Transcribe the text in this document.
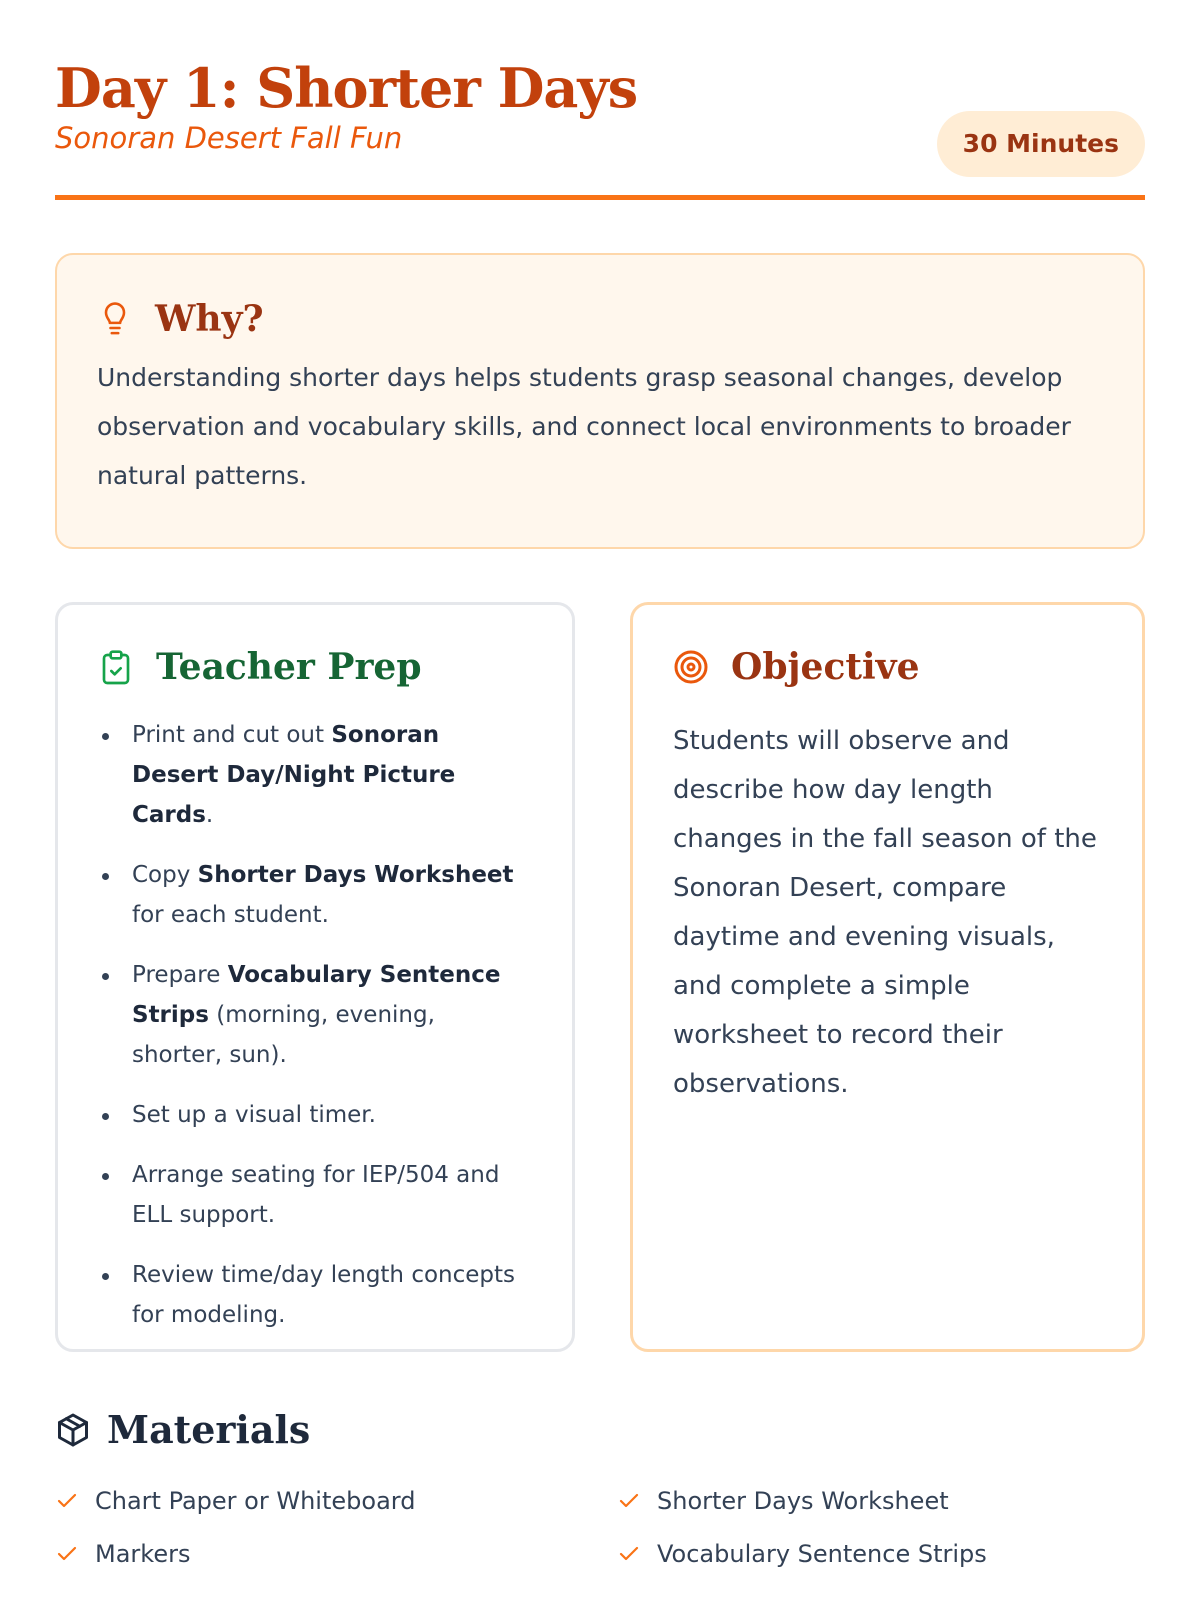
Day 1: Shorter Days
Sonoran Desert Fall Fun	30 Minutes
Why?

Understanding shorter days helps students grasp seasonal changes, develop observation and vocabulary skills, and connect local environments to broader natural patterns.

Teacher Prep
Print and cut out Sonoran Desert Day/Night Picture Cards.
Copy Shorter Days Worksheet for each student.
Prepare Vocabulary Sentence Strips (morning, evening, shorter, sun).
Set up a visual timer.
Arrange seating for IEP/504 and ELL support.
Review time/day length concepts for modeling.
Objective

Students will observe and describe how day length changes in the fall season of the Sonoran Desert, compare daytime and evening visuals, and complete a simple worksheet to record their observations.

Materials
Chart Paper or Whiteboard	Shorter Days Worksheet
Markers	Vocabulary Sentence Strips
